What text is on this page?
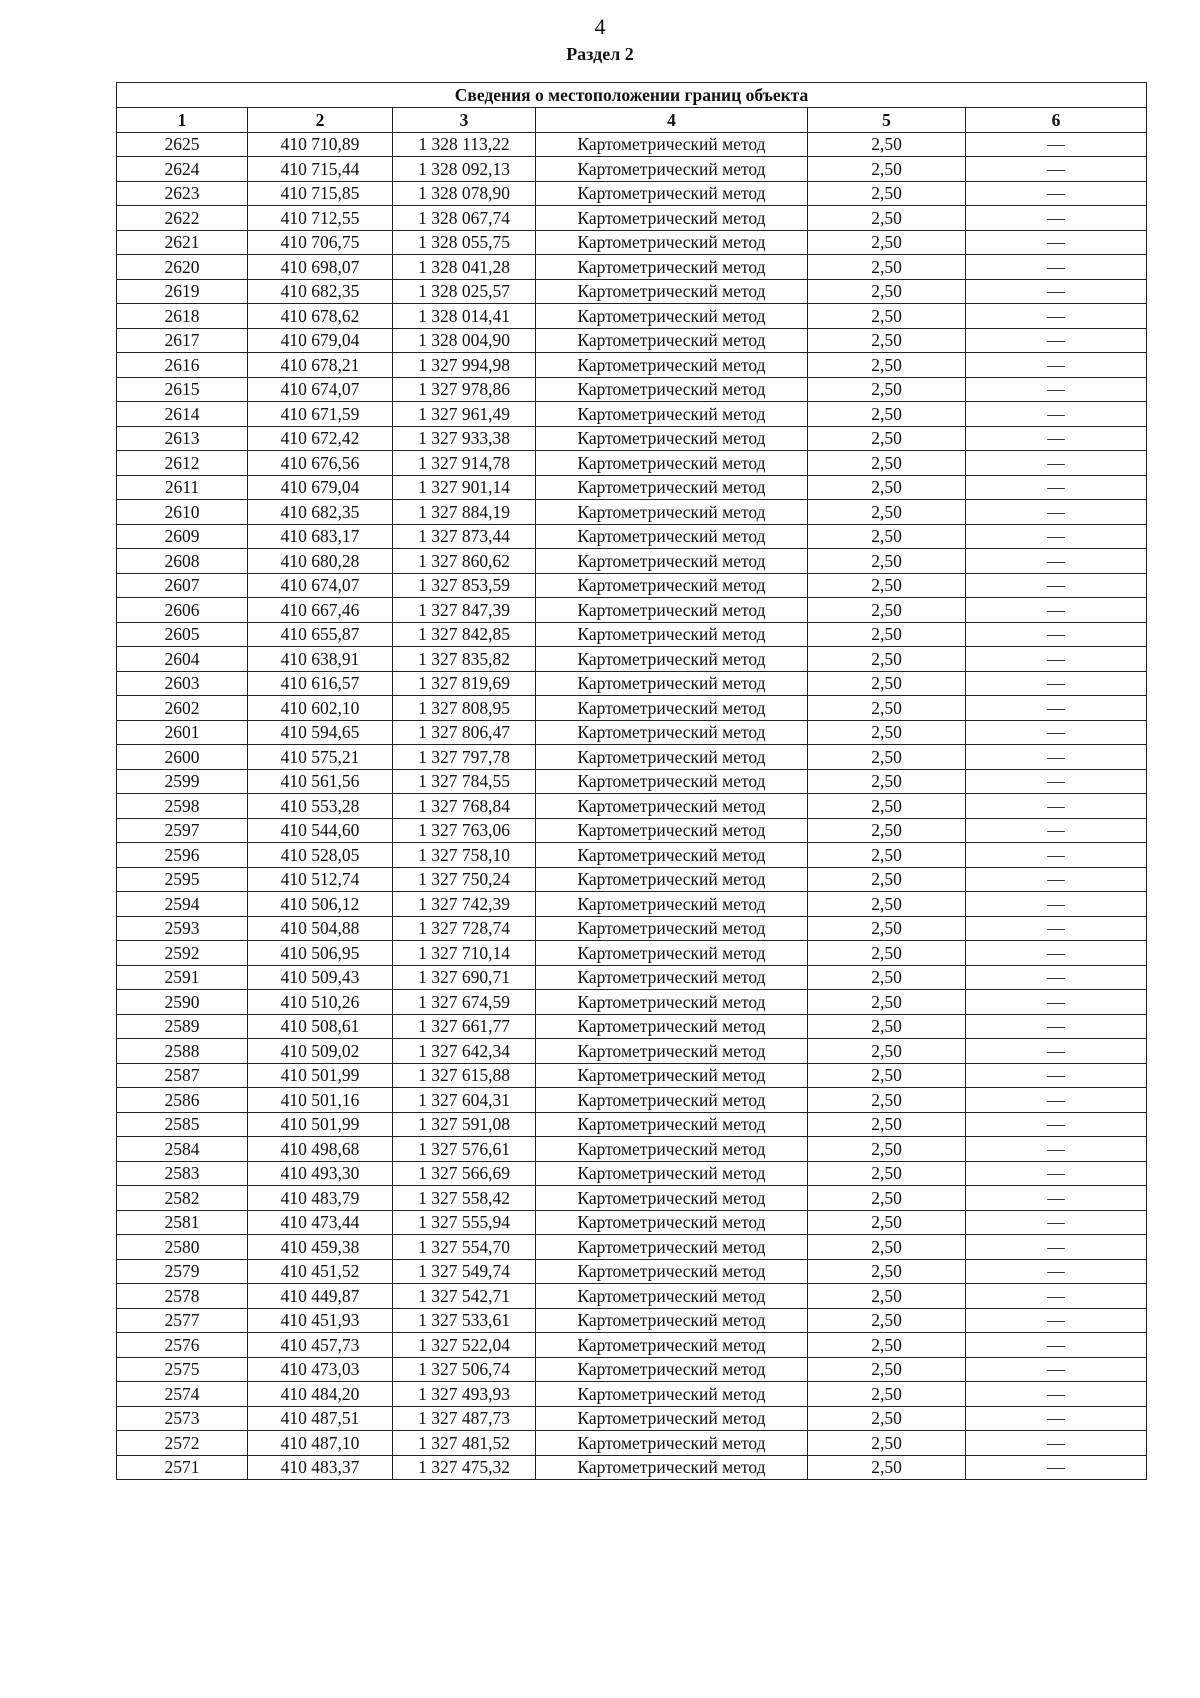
4
Раздел 2
Сведения о местоположении границ объекта					
1	2	3	4	5	6
2625	410 710,89	1 328 113,22	Картометрический метод	2,50	—
2624	410 715,44	1 328 092,13	Картометрический метод	2,50	—
2623	410 715,85	1 328 078,90	Картометрический метод	2,50	—
2622	410 712,55	1 328 067,74	Картометрический метод	2,50	—
2621	410 706,75	1 328 055,75	Картометрический метод	2,50	—
2620	410 698,07	1 328 041,28	Картометрический метод	2,50	—
2619	410 682,35	1 328 025,57	Картометрический метод	2,50	—
2618	410 678,62	1 328 014,41	Картометрический метод	2,50	—
2617	410 679,04	1 328 004,90	Картометрический метод	2,50	—
2616	410 678,21	1 327 994,98	Картометрический метод	2,50	—
2615	410 674,07	1 327 978,86	Картометрический метод	2,50	—
2614	410 671,59	1 327 961,49	Картометрический метод	2,50	—
2613	410 672,42	1 327 933,38	Картометрический метод	2,50	—
2612	410 676,56	1 327 914,78	Картометрический метод	2,50	—
2611	410 679,04	1 327 901,14	Картометрический метод	2,50	—
2610	410 682,35	1 327 884,19	Картометрический метод	2,50	—
2609	410 683,17	1 327 873,44	Картометрический метод	2,50	—
2608	410 680,28	1 327 860,62	Картометрический метод	2,50	—
2607	410 674,07	1 327 853,59	Картометрический метод	2,50	—
2606	410 667,46	1 327 847,39	Картометрический метод	2,50	—
2605	410 655,87	1 327 842,85	Картометрический метод	2,50	—
2604	410 638,91	1 327 835,82	Картометрический метод	2,50	—
2603	410 616,57	1 327 819,69	Картометрический метод	2,50	—
2602	410 602,10	1 327 808,95	Картометрический метод	2,50	—
2601	410 594,65	1 327 806,47	Картометрический метод	2,50	—
2600	410 575,21	1 327 797,78	Картометрический метод	2,50	—
2599	410 561,56	1 327 784,55	Картометрический метод	2,50	—
2598	410 553,28	1 327 768,84	Картометрический метод	2,50	—
2597	410 544,60	1 327 763,06	Картометрический метод	2,50	—
2596	410 528,05	1 327 758,10	Картометрический метод	2,50	—
2595	410 512,74	1 327 750,24	Картометрический метод	2,50	—
2594	410 506,12	1 327 742,39	Картометрический метод	2,50	—
2593	410 504,88	1 327 728,74	Картометрический метод	2,50	—
2592	410 506,95	1 327 710,14	Картометрический метод	2,50	—
2591	410 509,43	1 327 690,71	Картометрический метод	2,50	—
2590	410 510,26	1 327 674,59	Картометрический метод	2,50	—
2589	410 508,61	1 327 661,77	Картометрический метод	2,50	—
2588	410 509,02	1 327 642,34	Картометрический метод	2,50	—
2587	410 501,99	1 327 615,88	Картометрический метод	2,50	—
2586	410 501,16	1 327 604,31	Картометрический метод	2,50	—
2585	410 501,99	1 327 591,08	Картометрический метод	2,50	—
2584	410 498,68	1 327 576,61	Картометрический метод	2,50	—
2583	410 493,30	1 327 566,69	Картометрический метод	2,50	—
2582	410 483,79	1 327 558,42	Картометрический метод	2,50	—
2581	410 473,44	1 327 555,94	Картометрический метод	2,50	—
2580	410 459,38	1 327 554,70	Картометрический метод	2,50	—
2579	410 451,52	1 327 549,74	Картометрический метод	2,50	—
2578	410 449,87	1 327 542,71	Картометрический метод	2,50	—
2577	410 451,93	1 327 533,61	Картометрический метод	2,50	—
2576	410 457,73	1 327 522,04	Картометрический метод	2,50	—
2575	410 473,03	1 327 506,74	Картометрический метод	2,50	—
2574	410 484,20	1 327 493,93	Картометрический метод	2,50	—
2573	410 487,51	1 327 487,73	Картометрический метод	2,50	—
2572	410 487,10	1 327 481,52	Картометрический метод	2,50	—
2571	410 483,37	1 327 475,32	Картометрический метод	2,50	—
